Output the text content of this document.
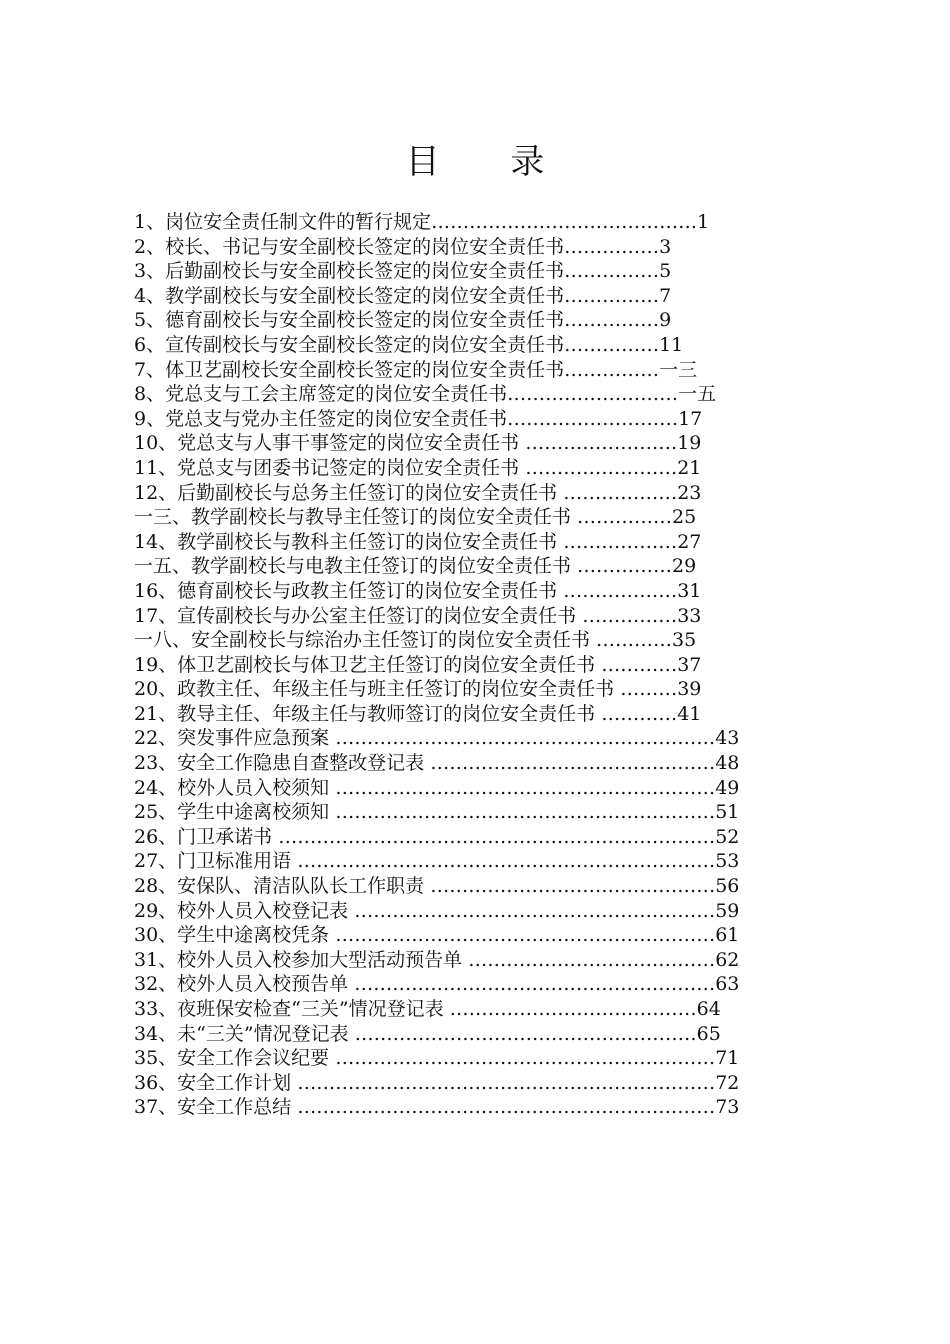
目 录
1、岗位安全责任制文件的暂行规定……………………………………1
2、校长、书记与安全副校长签定的岗位安全责任书……………3
3、后勤副校长与安全副校长签定的岗位安全责任书……………5
4、教学副校长与安全副校长签定的岗位安全责任书……………7
5、德育副校长与安全副校长签定的岗位安全责任书……………9
6、宣传副校长与安全副校长签定的岗位安全责任书……………11
7、体卫艺副校长安全副校长签定的岗位安全责任书……………一三
8、党总支与工会主席签定的岗位安全责任书………………………一五
9、党总支与党办主任签定的岗位安全责任书………………………17
10、党总支与人事干事签定的岗位安全责任书 ……………………19
11、党总支与团委书记签定的岗位安全责任书 ……………………21
12、后勤副校长与总务主任签订的岗位安全责任书 ………………23
一三、教学副校长与教导主任签订的岗位安全责任书 ……………25
14、教学副校长与教科主任签订的岗位安全责任书 ………………27
一五、教学副校长与电教主任签订的岗位安全责任书 ……………29
16、德育副校长与政教主任签订的岗位安全责任书 ………………31
17、宣传副校长与办公室主任签订的岗位安全责任书 ……………33
一八、安全副校长与综治办主任签订的岗位安全责任书 …………35
19、体卫艺副校长与体卫艺主任签订的岗位安全责任书 …………37
20、政教主任、年级主任与班主任签订的岗位安全责任书 ………39
21、教导主任、年级主任与教师签订的岗位安全责任书 …………41
22、突发事件应急预案 ……………………………………………………43
23、安全工作隐患自查整改登记表 ………………………………………48
24、校外人员入校须知 ……………………………………………………49
25、学生中途离校须知 ……………………………………………………51
26、门卫承诺书 ……………………………………………………………52
27、门卫标准用语 …………………………………………………………53
28、安保队、清洁队队长工作职责 ………………………………………56
29、校外人员入校登记表 …………………………………………………59
30、学生中途离校凭条 ……………………………………………………61
31、校外人员入校参加大型活动预告单 …………………………………62
32、校外人员入校预告单 …………………………………………………63
33、夜班保安检查“三关”情况登记表 …………………………………64
34、未“三关”情况登记表 ………………………………………………65
35、安全工作会议纪要 ……………………………………………………71
36、安全工作计划 …………………………………………………………72
37、安全工作总结 …………………………………………………………73
